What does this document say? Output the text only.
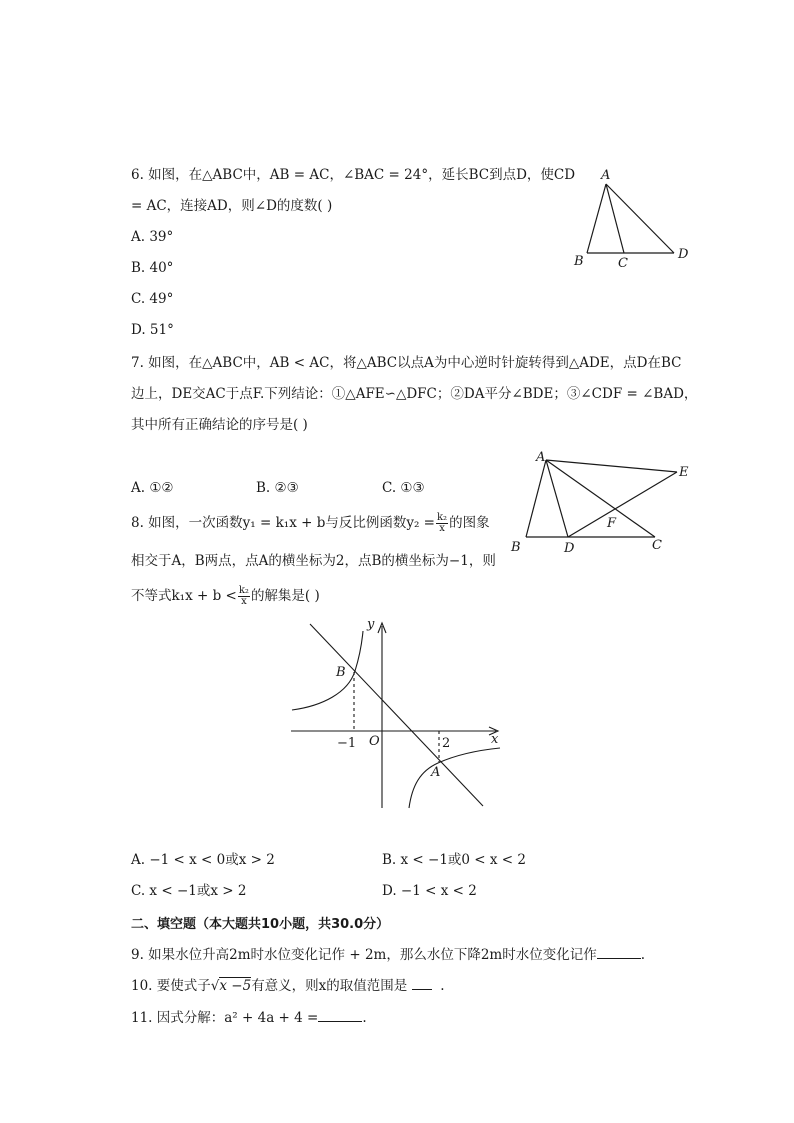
6. 如图，在△ABC中，AB = AC，∠BAC = 24°，延长BC到点D，使CD
= AC，连接AD，则∠D的度数( )
A. 39°
B. 40°
C. 49°
D. 51°
A
B	C
D
7. 如图，在△ABC中，AB < AC，将△ABC以点A为中心逆时针旋转得到△ADE，点D在BC
边上，DE交AC于点F.下列结论：①△AFE∽△DFC；②DA平分∠BDE；③∠CDF = ∠BAD，
其中所有正确结论的序号是( )
A. ①②	B. ②③	C. ①③
A
B	C
D
E
F
8. 如图，一次函数y₁ = k₁x + b与反比例函数$y_2 = \frac{\text{k₂}}{x}$ 的图象
相交于A，B两点，点A的横坐标为2，点B的横坐标为−1，则
不等式$k_1x + b < \frac{\text{k₂}}{x}$ 的解集是( )
y
x
O
B
A
−1	2
A. −1 < x < 0或x > 2	B. x < −1或0 < x < 2
C. x < −1或x > 2	D. −1 < x < 2
二、填空题（本大题共10小题，共30.0分）
9. 如果水位升高2m时水位变化记作 + 2m，那么水位下降2m时水位变化记作	.
10. 要使式子√x −5有意义，则x的取值范围是 .
11. 因式分解：a² + 4a + 4 =	.
